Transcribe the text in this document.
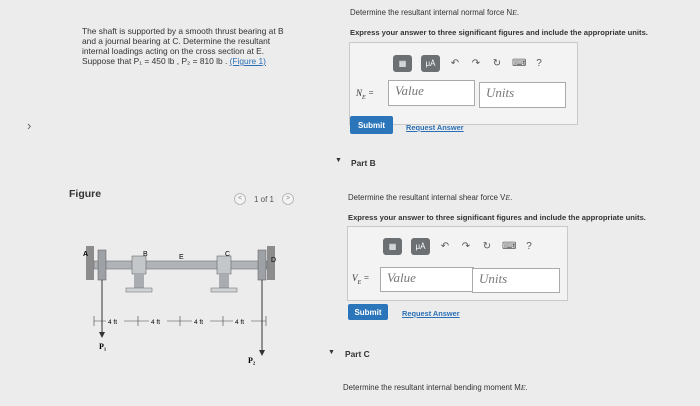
The shaft is supported by a smooth thrust bearing at B
and a journal bearing at C. Determine the resultant
internal loadings acting on the cross section at E.
Suppose that P₁ = 450 lb , P₂ = 810 lb . (Figure 1)
›
Figure	<	1 of 1	>
A	B	E	C
D
4 ft	4 ft	4 ft	4 ft
P₁
P₂
Determine the resultant internal normal force NE.
Express your answer to three significant figures and include the appropriate units.
▦	μȦ	↶ ↷ ↻ ⌨ ?
$N_E$ =	Value	Units
Submit	Request Answer
▼ Part B
Determine the resultant internal shear force VE.
Express your answer to three significant figures and include the appropriate units.
▦	μȦ	↶ ↷ ↻ ⌨ ?
$V_E$ =	Value	Units
Submit	Request Answer
▼ Part C
Determine the resultant internal bending moment ME.
